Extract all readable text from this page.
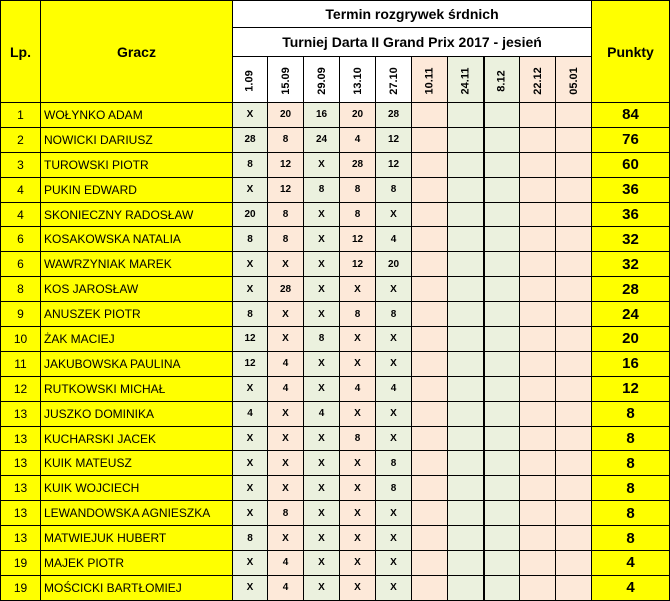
Lp.	Gracz	Termin rozgrywek śrdnich										Punkty
		Turniej Darta II Grand Prix 2017 - jesień										
		1.09	15.09	29.09	13.10	27.10	10.11	24.11	8.12	22.12	05.01	
1	WOŁYNKO ADAM	X	20	16	20	28						84
2	NOWICKI DARIUSZ	28	8	24	4	12						76
3	TUROWSKI PIOTR	8	12	X	28	12						60
4	PUKIN EDWARD	X	12	8	8	8						36
4	SKONIECZNY RADOSŁAW	20	8	X	8	X						36
6	KOSAKOWSKA NATALIA	8	8	X	12	4						32
6	WAWRZYNIAK MAREK	X	X	X	12	20						32
8	KOS JAROSŁAW	X	28	X	X	X						28
9	ANUSZEK PIOTR	8	X	X	8	8						24
10	ŻAK MACIEJ	12	X	8	X	X						20
11	JAKUBOWSKA PAULINA	12	4	X	X	X						16
12	RUTKOWSKI MICHAŁ	X	4	X	4	4						12
13	JUSZKO DOMINIKA	4	X	4	X	X						8
13	KUCHARSKI JACEK	X	X	X	8	X						8
13	KUIK MATEUSZ	X	X	X	X	8						8
13	KUIK WOJCIECH	X	X	X	X	8						8
13	LEWANDOWSKA AGNIESZKA	X	8	X	X	X						8
13	MATWIEJUK HUBERT	8	X	X	X	X						8
19	MAJEK PIOTR	X	4	X	X	X						4
19	MOŚCICKI BARTŁOMIEJ	X	4	X	X	X						4
